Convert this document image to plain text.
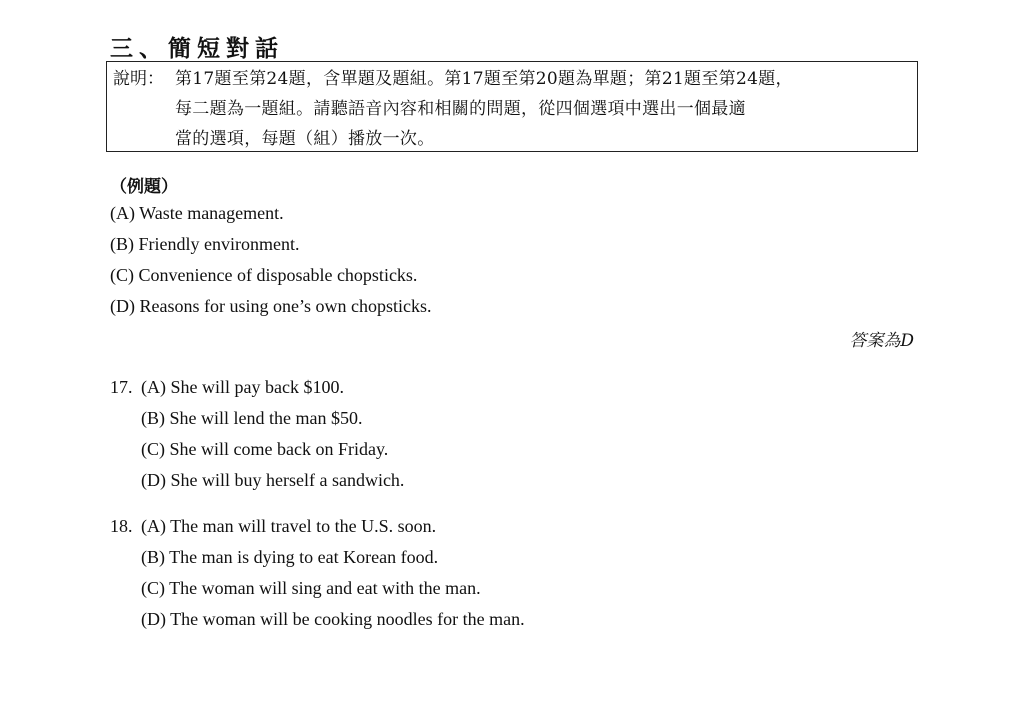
三、簡短對話
說明： 第17題至第24題，含單題及題組。第17題至第20題為單題；第21題至第24題，
每二題為一題組。請聽語音內容和相關的問題，從四個選項中選出一個最適
當的選項，每題（組）播放一次。
（例題）
(A) Waste management.
(B) Friendly environment.
(C) Convenience of disposable chopsticks.
(D) Reasons for using one’s own chopsticks.
答案為D
17. (A) She will pay back $100.
(B) She will lend the man $50.
(C) She will come back on Friday.
(D) She will buy herself a sandwich.
18. (A) The man will travel to the U.S. soon.
(B) The man is dying to eat Korean food.
(C) The woman will sing and eat with the man.
(D) The woman will be cooking noodles for the man.
